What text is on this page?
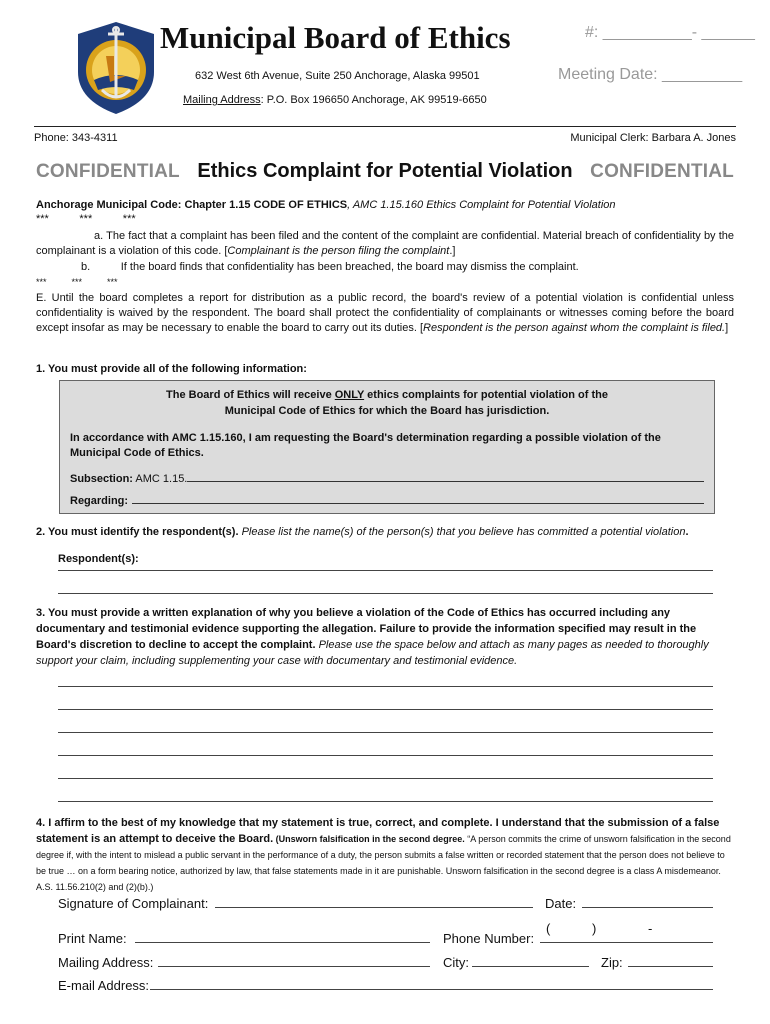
Municipal Board of Ethics
632 West 6th Avenue, Suite 250 Anchorage, Alaska 99501
Mailing Address: P.O. Box 196650 Anchorage, AK 99519-6650
#: __________- ______
Meeting Date: _________
Phone: 343-4311	Municipal Clerk: Barbara A. Jones
CONFIDENTIAL Ethics Complaint for Potential Violation CONFIDENTIAL
Anchorage Municipal Code: Chapter 1.15 CODE OF ETHICS, AMC 1.15.160 Ethics Complaint for Potential Violation
***          ***          ***
a. The fact that a complaint has been filed and the content of the complaint are confidential. Material breach of confidentiality by the complainant is a violation of this code. [Complainant is the person filing the complaint.]
b.          If the board finds that confidentiality has been breached, the board may dismiss the complaint.
***          ***          ***
E. Until the board completes a report for distribution as a public record, the board's review of a potential violation is confidential unless confidentiality is waived by the respondent. The board shall protect the confidentiality of complainants or witnesses coming before the board except insofar as may be necessary to enable the board to carry out its duties. [Respondent is the person against whom the complaint is filed.]
1. You must provide all of the following information:
The Board of Ethics will receive ONLY ethics complaints for potential violation of the
Municipal Code of Ethics for which the Board has jurisdiction.
In accordance with AMC 1.15.160, I am requesting the Board's determination regarding a possible violation of the Municipal Code of Ethics.
Subsection: AMC 1.15.
Regarding:
2. You must identify the respondent(s). Please list the name(s) of the person(s) that you believe has committed a potential violation.
Respondent(s):
3. You must provide a written explanation of why you believe a violation of the Code of Ethics has occurred including any documentary and testimonial evidence supporting the allegation. Failure to provide the information specified may result in the Board's discretion to decline to accept the complaint. Please use the space below and attach as many pages as needed to thoroughly support your claim, including supplementing your case with documentary and testimonial evidence.
4. I affirm to the best of my knowledge that my statement is true, correct, and complete. I understand that the submission of a false statement is an attempt to deceive the Board. (Unsworn falsification in the second degree. “A person commits the crime of unsworn falsification in the second degree if, with the intent to mislead a public servant in the performance of a duty, the person submits a false written or recorded statement that the person does not believe to be true … on a form bearing notice, authorized by law, that false statements made in it are punishable. Unsworn falsification in the second degree is a class A misdemeanor. A.S. 11.56.210(2) and (2)(b).)
Signature of Complainant:	Date:
Print Name:	Phone Number:
(	)	-
Mailing Address:	City:	Zip:
E-mail Address:
